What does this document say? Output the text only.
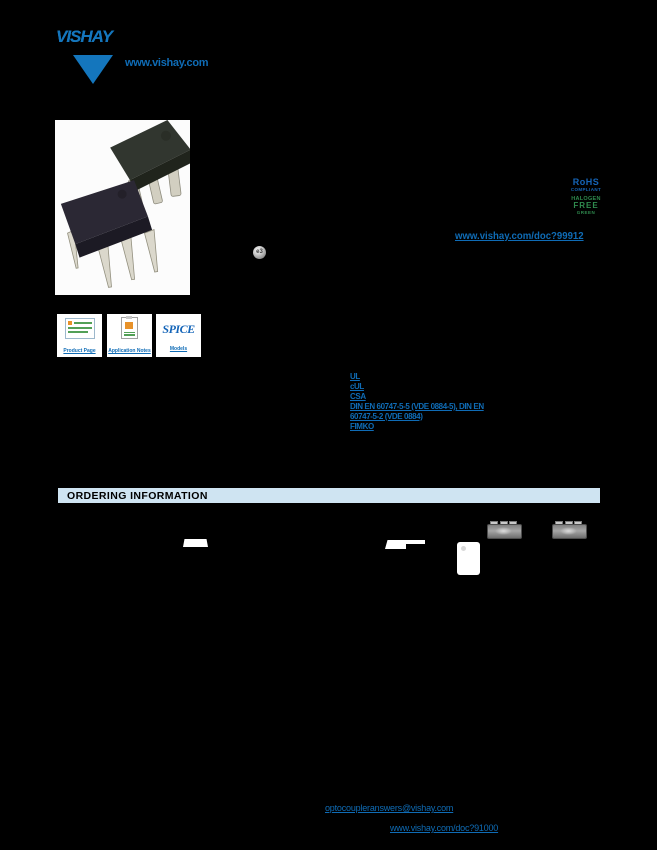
VISHAY
www.vishay.com
e3
RoHS
COMPLIANT
HALOGEN
FREE
GREEN
www.vishay.com/doc?99912
Product Page	Application Notes
SPICE
Models
UL
cUL
CSA
DIN EN 60747-5-5 (VDE 0884-5), DIN EN 60747-5-2 (VDE 0884)
FIMKO
ORDERING INFORMATION
optocoupleranswers@vishay.com
www.vishay.com/doc?91000
